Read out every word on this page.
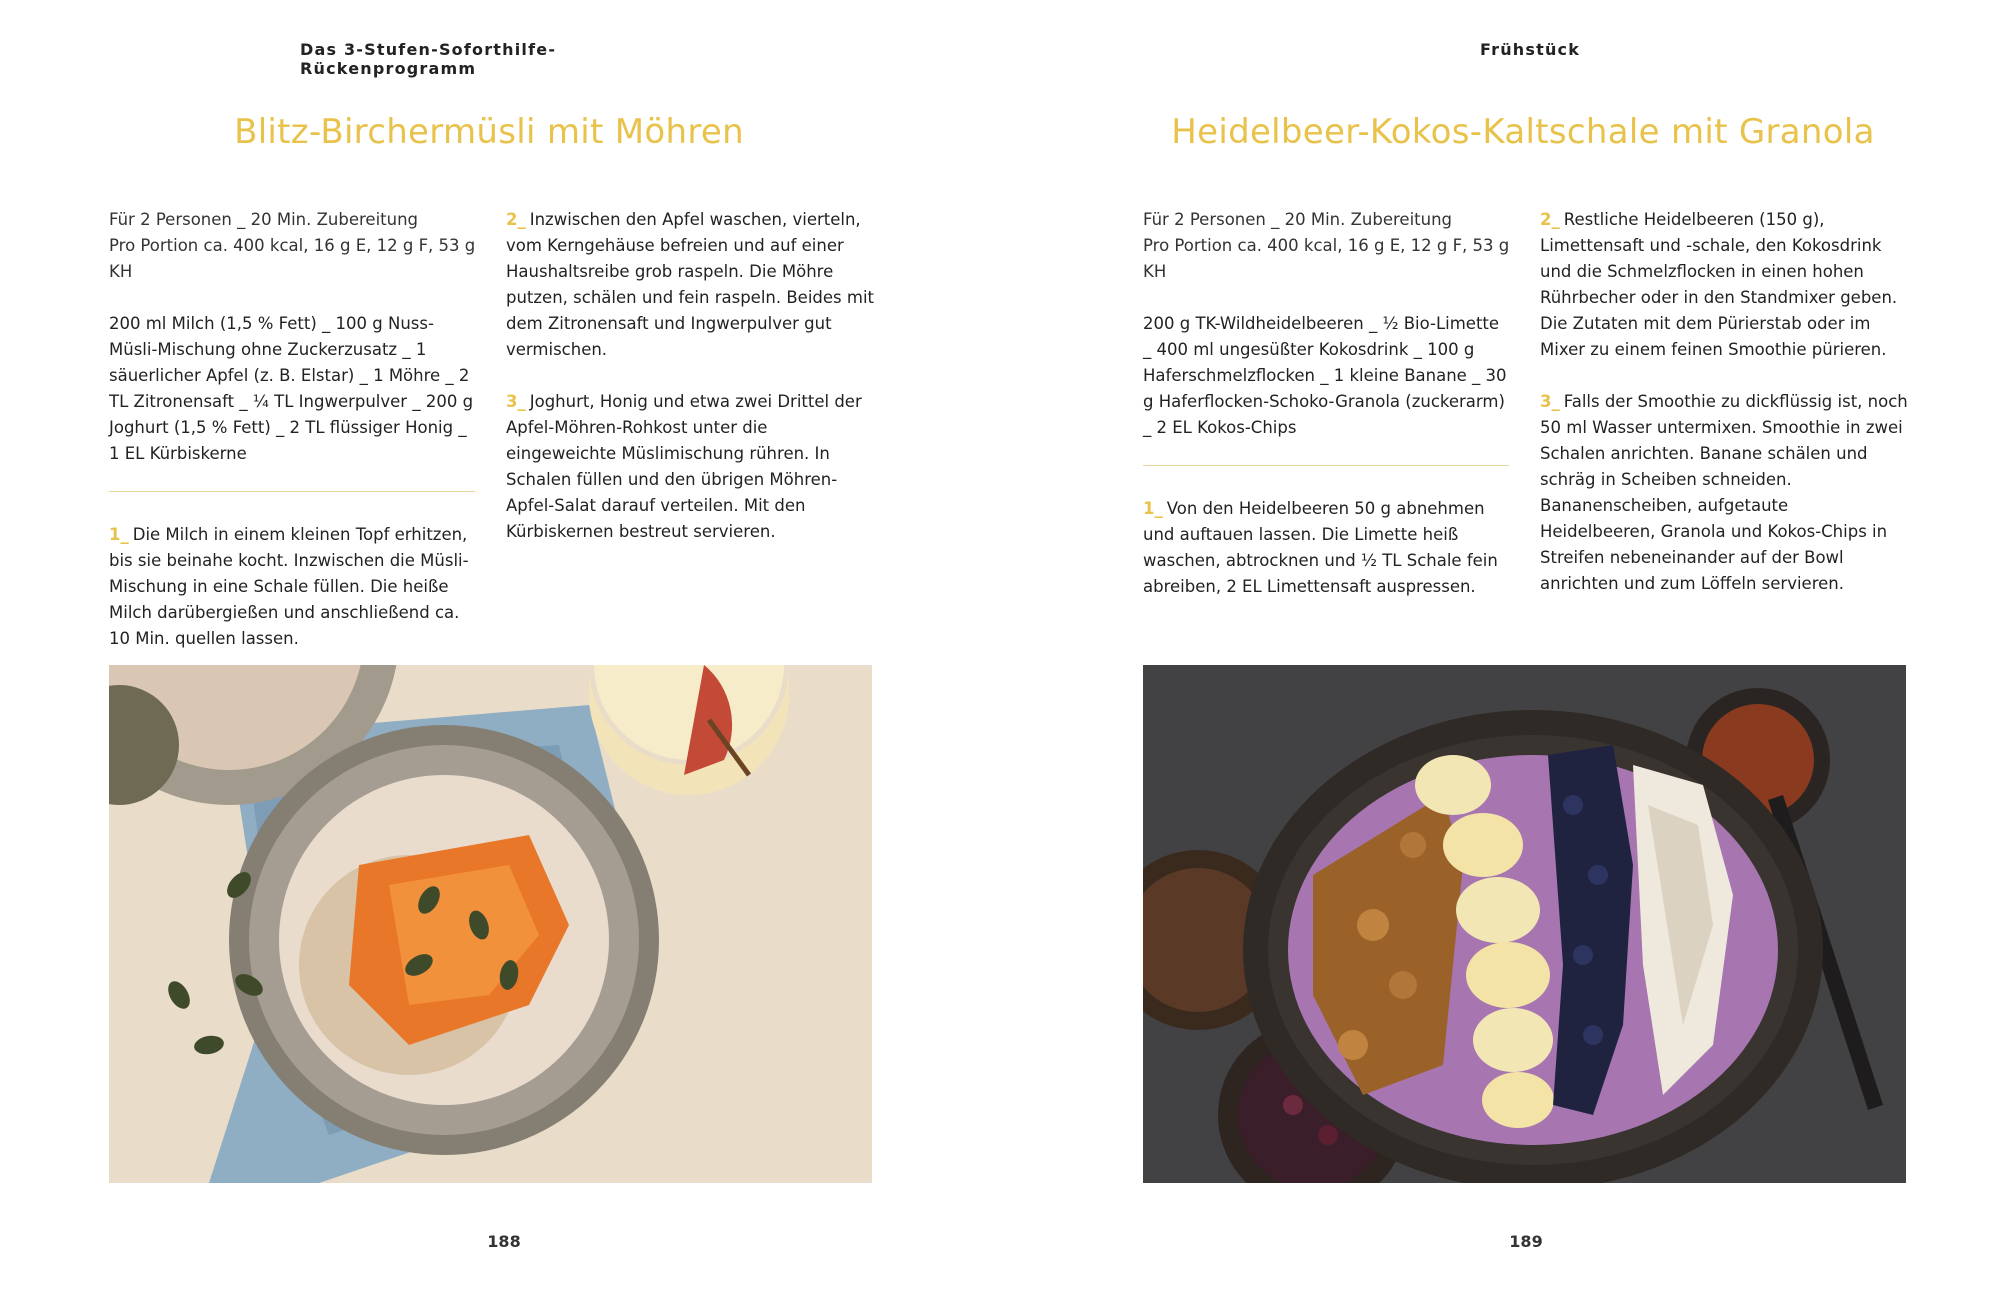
Das 3-Stufen-Soforthilfe-Rückenprogramm
Blitz-Birchermüsli mit Möhren

Für 2 Personen _ 20 Min. Zubereitung

Pro Portion ca. 400 kcal, 16 g E, 12 g F, 53 g KH

200 ml Milch (1,5 % Fett) _ 100 g Nuss-Müsli-Mischung ohne Zuckerzusatz _ 1 säuerlicher Apfel (z. B. Elstar) _ 1 Möhre _ 2 TL Zitronensaft _ ¼ TL Ingwerpulver _ 200 g Joghurt (1,5 % Fett) _ 2 TL flüssiger Honig _ 1 EL Kürbiskerne

1_ Die Milch in einem kleinen Topf erhitzen, bis sie beinahe kocht. Inzwischen die Müsli-Mischung in eine Schale füllen. Die heiße Milch darübergießen und anschließend ca. 10 Min. quellen lassen.

2_ Inzwischen den Apfel waschen, vierteln, vom Kerngehäuse befreien und auf einer Haushaltsreibe grob raspeln. Die Möhre putzen, schälen und fein raspeln. Beides mit dem Zitronensaft und Ingwerpulver gut vermischen.

3_ Joghurt, Honig und etwa zwei Drittel der Apfel-Möhren-Rohkost unter die eingeweichte Müslimischung rühren. In Schalen füllen und den übrigen Möhren-Apfel-Salat darauf verteilen. Mit den Kürbiskernen bestreut servieren.

188
Frühstück
Heidelbeer-Kokos-Kaltschale mit Granola

Für 2 Personen _ 20 Min. Zubereitung

Pro Portion ca. 400 kcal, 16 g E, 12 g F, 53 g KH

200 g TK-Wildheidelbeeren _ ½ Bio-Limette _ 400 ml ungesüßter Kokosdrink _ 100 g Haferschmelzflocken _ 1 kleine Banane _ 30 g Haferflocken-Schoko-Granola (zuckerarm) _ 2 EL Kokos-Chips

1_ Von den Heidelbeeren 50 g abnehmen und auftauen lassen. Die Limette heiß waschen, abtrocknen und ½ TL Schale fein abreiben, 2 EL Limettensaft auspressen.

2_ Restliche Heidelbeeren (150 g), Limettensaft und -schale, den Kokosdrink und die Schmelzflocken in einen hohen Rührbecher oder in den Standmixer geben. Die Zutaten mit dem Pürierstab oder im Mixer zu einem feinen Smoothie pürieren.

3_ Falls der Smoothie zu dickflüssig ist, noch 50 ml Wasser untermixen. Smoothie in zwei Schalen anrichten. Banane schälen und schräg in Scheiben schneiden. Bananenscheiben, aufgetaute Heidelbeeren, Granola und Kokos-Chips in Streifen nebeneinander auf der Bowl anrichten und zum Löffeln servieren.

189
